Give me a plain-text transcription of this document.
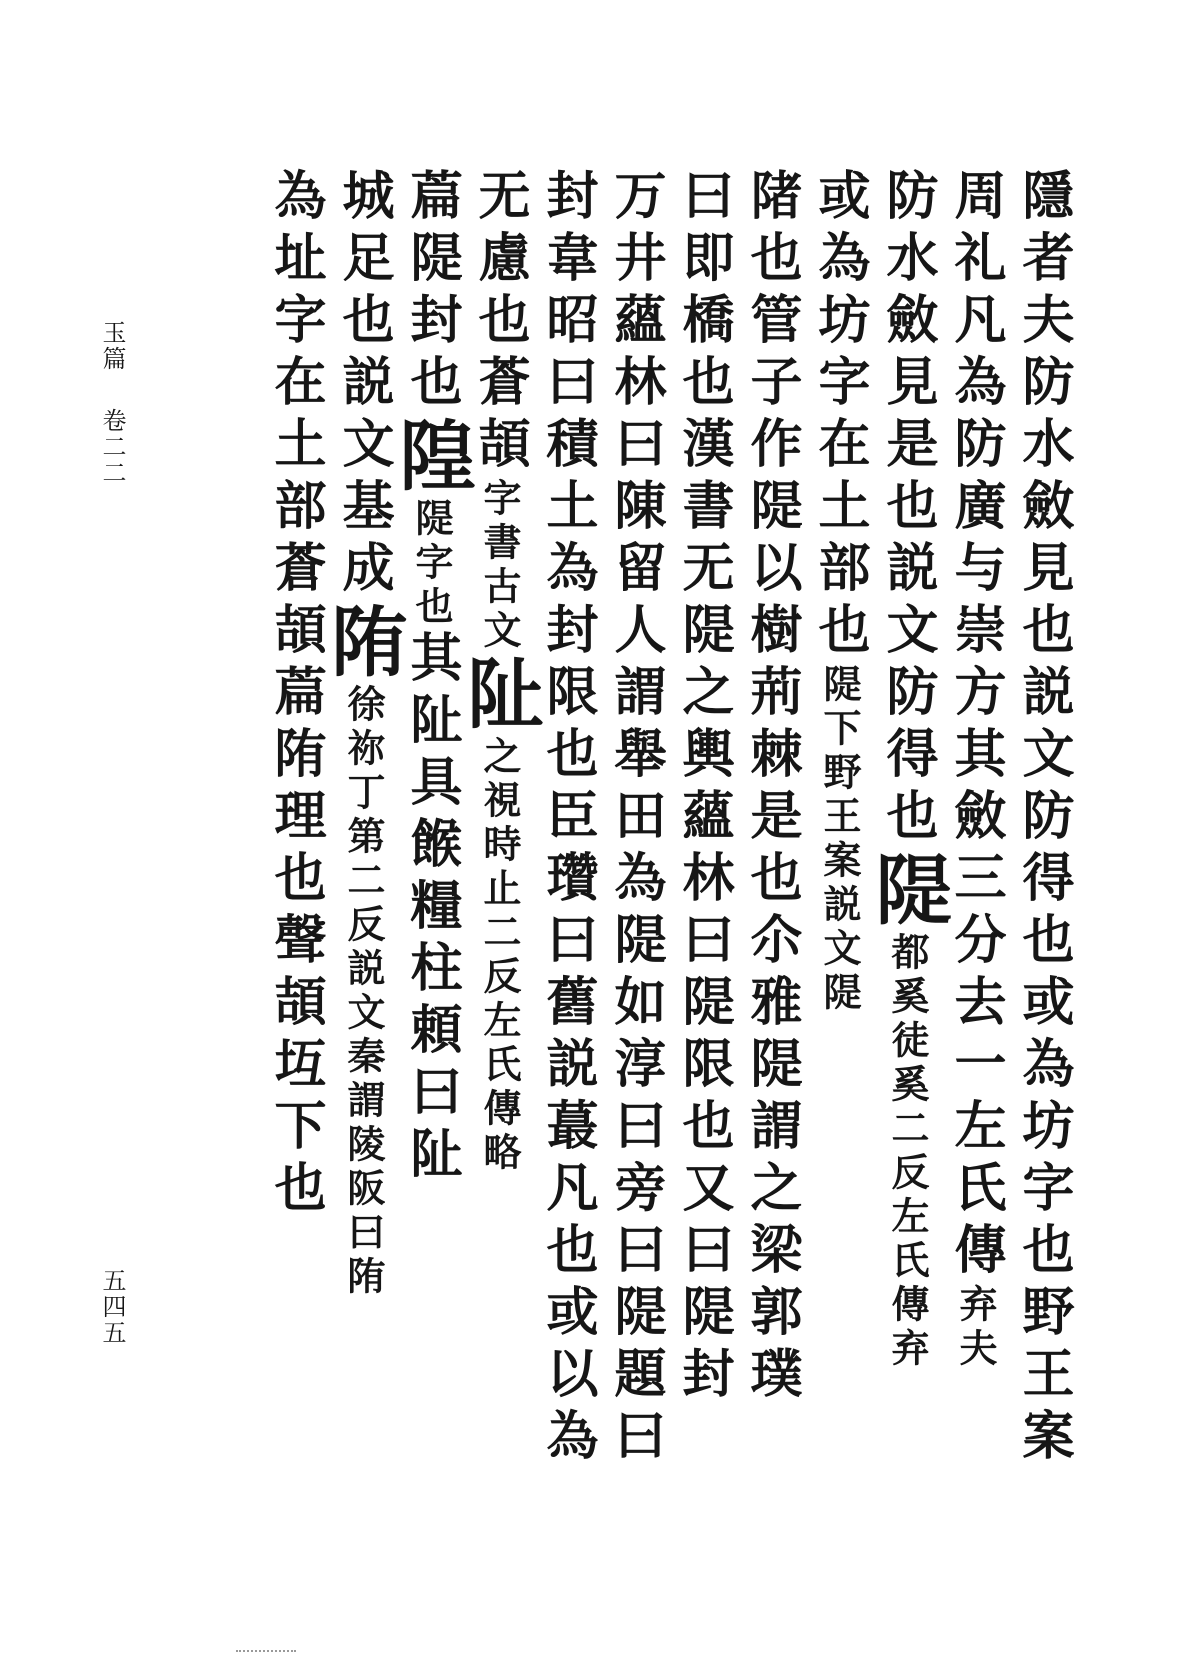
玉篇　 卷二二
五四五	隱者夫防水斂見也説文防得也或為坊字也野王案
周礼凡為防廣与崇方其斂三分去一左氏傳弃夫
防水斂見是也説文防得也隄都奚徒奚二反左氏傳弃
或為坊字在土部也隄下野王案説文隄
陼也管子作隄以樹荊棘是也尒雅隄謂之梁郭璞
曰即橋也漢書无隄之輿蘊林曰隄限也又曰隄封
万井蘊林曰陳留人謂舉田為隄如淳曰旁曰隄題曰
封韋昭曰積土為封限也臣瓚曰舊説蕞凡也或以為
无慮也蒼頡字書古文阯之視時止二反左氏傳略
萹隄封也隍隄字也其阯具餱糧柱頼曰阯
城足也説文基成陏徐祢丁第二反説文秦謂陵阪曰陏
為址字在土部蒼頡萹陏理也聲頡坘下也
